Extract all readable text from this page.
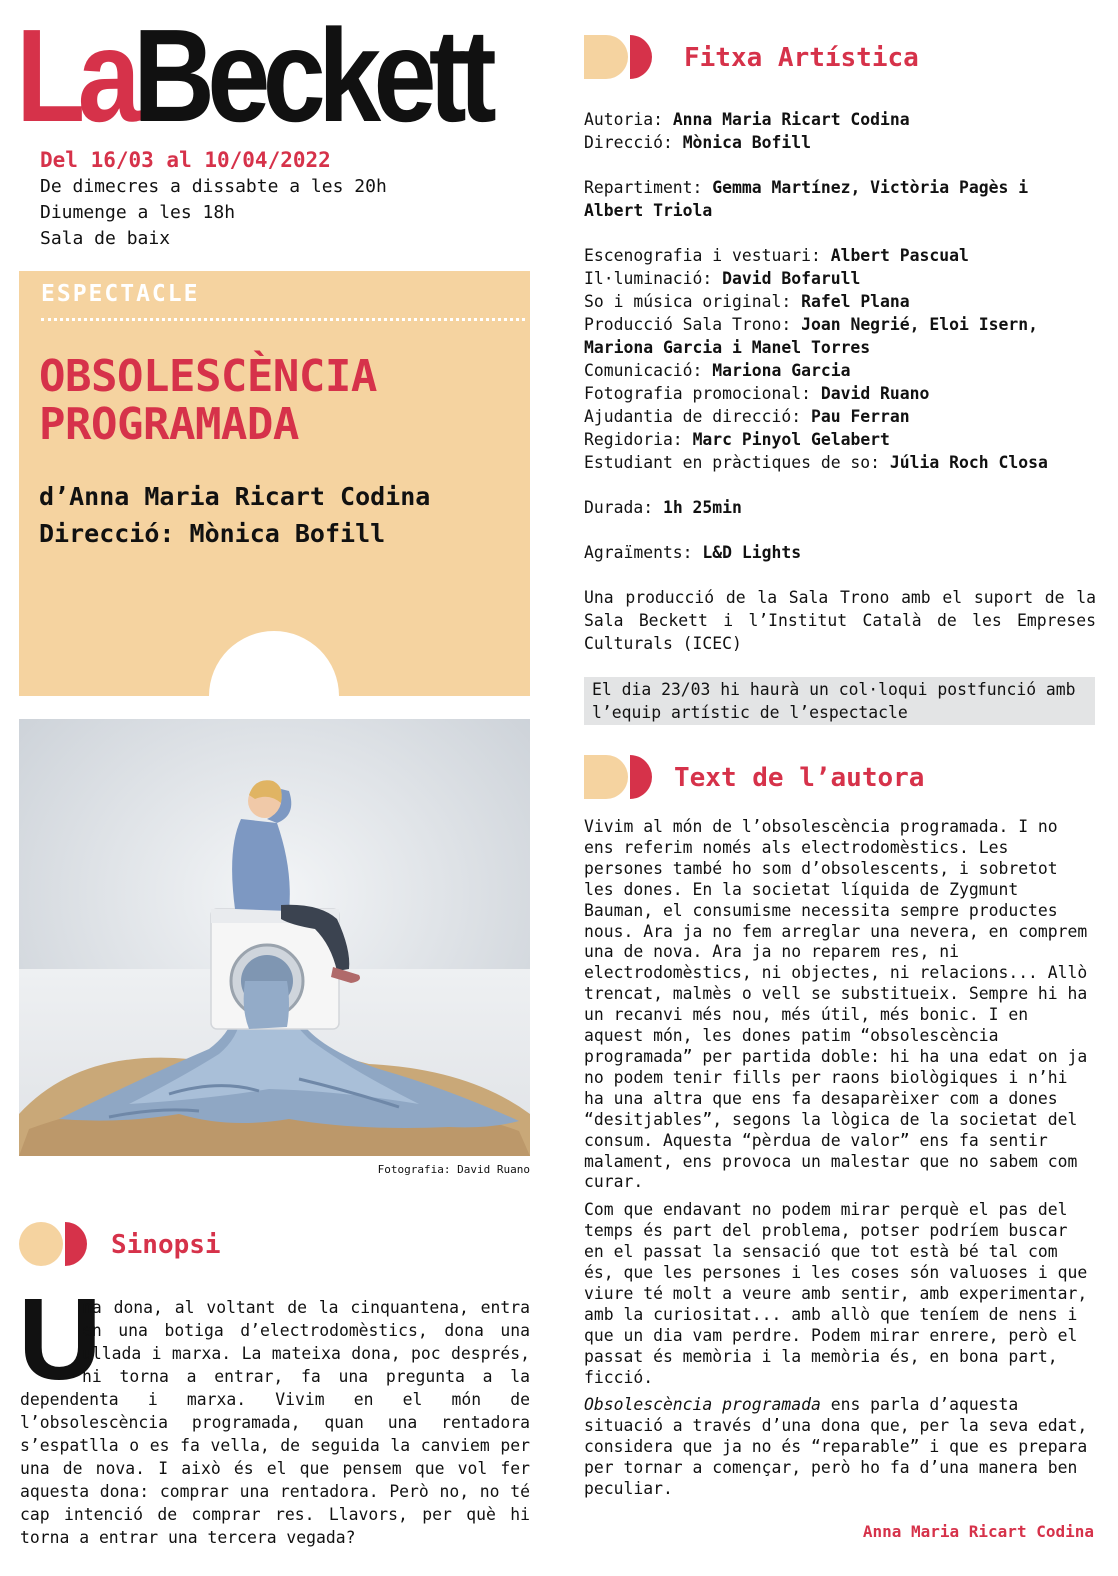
LaBeckett
Del 16/03 al 10/04/2022
De dimecres a dissabte a les 20h
Diumenge a les 18h
Sala de baix
ESPECTACLE
OBSOLESCÈNCIA
PROGRAMADA
d’Anna Maria Ricart Codina
Direcció: Mònica Bofill
Fotografia: David Ruano
Sinopsi
U

na dona, al voltant de la cinquantena, entra en una botiga d’electrodomèstics, dona una ullada i marxa. La mateixa dona, poc després, hi torna a entrar, fa una pregunta a la dependenta i marxa. Vivim en el món de l’obsolescència programada, quan una rentadora s’espatlla o es fa vella, de seguida la canviem per una de nova. I això és el que pensem que vol fer aquesta dona: comprar una rentadora. Però no, no té cap intenció de comprar res. Llavors, per què hi torna a entrar una tercera vegada?

Fitxa Artística
Autoria: Anna Maria Ricart Codina
Direcció: Mònica Bofill
Repartiment: Gemma Martínez, Victòria Pagès i Albert Triola
Escenografia i vestuari: Albert Pascual
Il·luminació: David Bofarull
So i música original: Rafel Plana
Producció Sala Trono: Joan Negrié, Eloi Isern, Mariona Garcia i Manel Torres
Comunicació: Mariona Garcia
Fotografia promocional: David Ruano
Ajudantia de direcció: Pau Ferran
Regidoria: Marc Pinyol Gelabert
Estudiant en pràctiques de so: Júlia Roch Closa
Durada: 1h 25min
Agraïments: L&D Lights
Una producció de la Sala Trono amb el suport de la Sala Beckett i l’Institut Català de les Empreses Culturals (ICEC)
El dia 23/03 hi haurà un col·loqui postfunció amb l’equip artístic de l’espectacle
Text de l’autora

Vivim al món de l’obsolescència programada. I no ens referim només als electrodomèstics. Les persones també ho som d’obsolescents, i sobretot les dones. En la societat líquida de Zygmunt Bauman, el consumisme necessita sempre productes nous. Ara ja no fem arreglar una nevera, en comprem una de nova. Ara ja no reparem res, ni electrodomèstics, ni objectes, ni relacions... Allò trencat, malmès o vell se substitueix. Sempre hi ha un recanvi més nou, més útil, més bonic. I en aquest món, les dones patim “obsolescència programada” per partida doble: hi ha una edat on ja no podem tenir fills per raons biològiques i n’hi ha una altra que ens fa desaparèixer com a dones “desitjables”, segons la lògica de la societat del consum. Aquesta “pèrdua de valor” ens fa sentir malament, ens provoca un malestar que no sabem com curar.

Com que endavant no podem mirar perquè el pas del temps és part del problema, potser podríem buscar en el passat la sensació que tot està bé tal com és, que les persones i les coses són valuoses i que viure té molt a veure amb sentir, amb experimentar, amb la curiositat... amb allò que teníem de nens i que un dia vam perdre. Podem mirar enrere, però el passat és memòria i la memòria és, en bona part, ficció.

Obsolescència programada ens parla d’aquesta situació a través d’una dona que, per la seva edat, considera que ja no és “reparable” i que es prepara per tornar a començar, però ho fa d’una manera ben peculiar.

Anna Maria Ricart Codina
